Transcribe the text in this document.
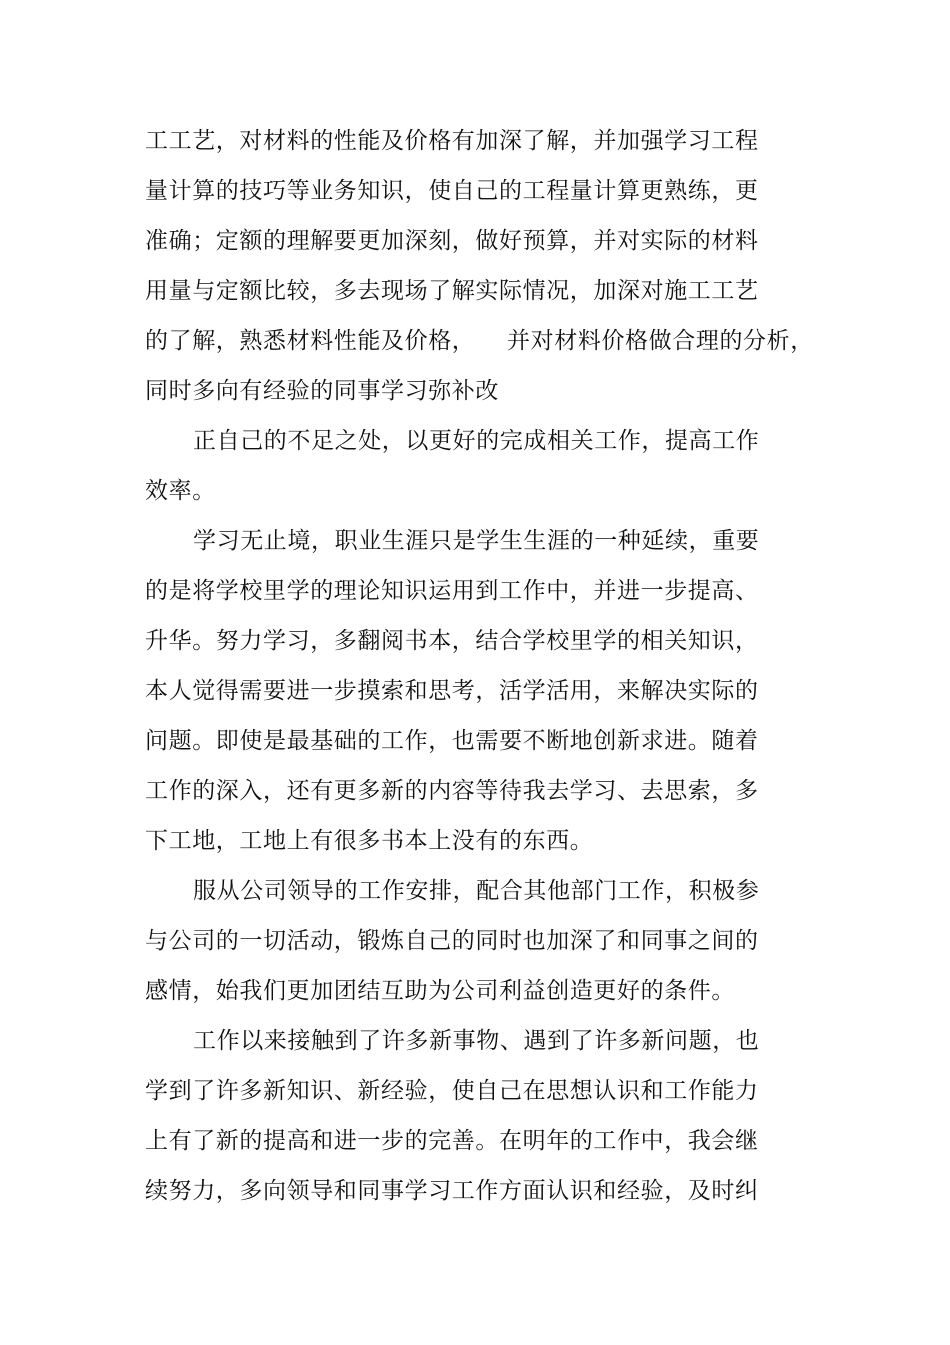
工工艺，对材料的性能及价格有加深了解，并加强学习工程
量计算的技巧等业务知识，使自己的工程量计算更熟练，更
准确；定额的理解要更加深刻，做好预算，并对实际的材料
用量与定额比较，多去现场了解实际情况，加深对施工工艺
的了解，熟悉材料性能及价格，    并对材料价格做合理的分析，
同时多向有经验的同事学习弥补改
正自己的不足之处，以更好的完成相关工作，提高工作
效率。
学习无止境，职业生涯只是学生生涯的一种延续，重要
的是将学校里学的理论知识运用到工作中，并进一步提高、
升华。努力学习，多翻阅书本，结合学校里学的相关知识，
本人觉得需要进一步摸索和思考，活学活用，来解决实际的
问题。即使是最基础的工作，也需要不断地创新求进。随着
工作的深入，还有更多新的内容等待我去学习、去思索，多
下工地，工地上有很多书本上没有的东西。
服从公司领导的工作安排，配合其他部门工作，积极参
与公司的一切活动，锻炼自己的同时也加深了和同事之间的
感情，始我们更加团结互助为公司利益创造更好的条件。
工作以来接触到了许多新事物、遇到了许多新问题，也
学到了许多新知识、新经验，使自己在思想认识和工作能力
上有了新的提高和进一步的完善。在明年的工作中，我会继
续努力，多向领导和同事学习工作方面认识和经验，及时纠
